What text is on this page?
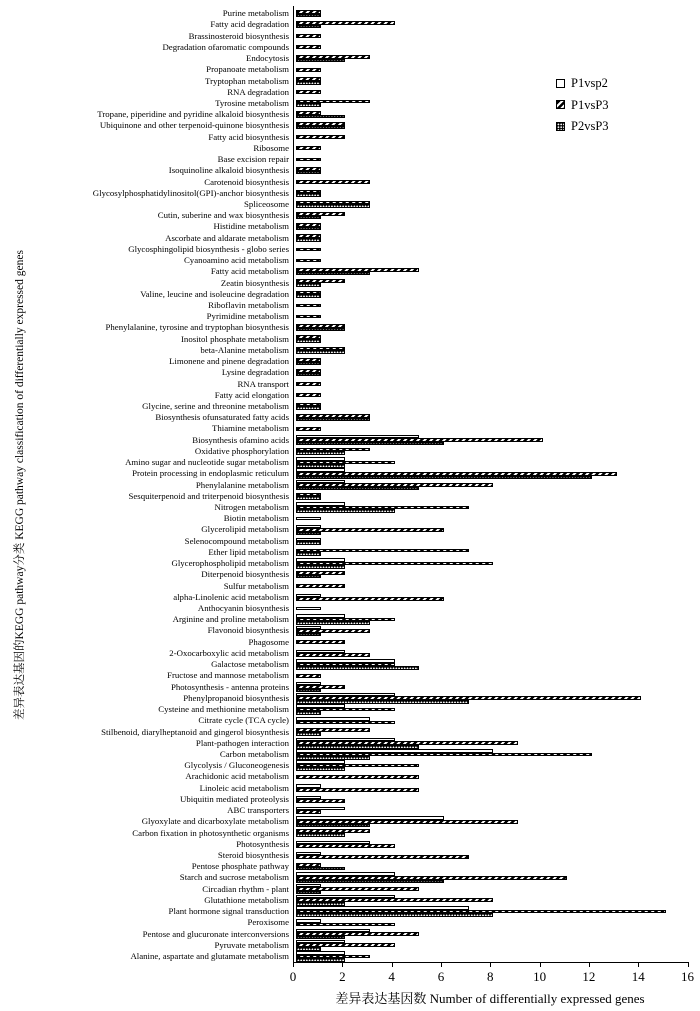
Purine metabolism
Fatty acid degradation
Brassinosteroid biosynthesis
Degradation ofaromatic compounds
Endocytosis
Propanoate metabolism
Tryptophan metabolism
RNA degradation
Tyrosine metabolism
Tropane, piperidine and pyridine alkaloid biosynthesis
Ubiquinone and other terpenoid-quinone biosynthesis
Fatty acid biosynthesis
Ribosome
Base excision repair
Isoquinoline alkaloid biosynthesis
Carotenoid biosynthesis
Glycosylphosphatidylinositol(GPI)-anchor biosynthesis
Spliceosome
Cutin, suberine and wax biosynthesis
Histidine metabolism
Ascorbate and aldarate metabolism
Glycosphingolipid biosynthesis - globo series
Cyanoamino acid metabolism
Fatty acid metabolism
Zeatin biosynthesis
Valine, leucine and isoleucine degradation
Riboflavin metabolism
Pyrimidine metabolism
Phenylalanine, tyrosine and tryptophan biosynthesis
Inositol phosphate metabolism
beta-Alanine metabolism
Limonene and pinene degradation
Lysine degradation
RNA transport
Fatty acid elongation
Glycine, serine and threonine metabolism
Biosynthesis ofunsaturated fatty acids
Thiamine metabolism
Biosynthesis ofamino acids
Oxidative phosphorylation
Amino sugar and nucleotide sugar metabolism
Protein processing in endoplasmic reticulum
Phenylalanine metabolism
Sesquiterpenoid and triterpenoid biosynthesis
Nitrogen metabolism
Biotin metabolism
Glycerolipid metabolism
Selenocompound metabolism
Ether lipid metabolism
Glycerophospholipid metabolism
Diterpenoid biosynthesis
Sulfur metabolism
alpha-Linolenic acid metabolism
Anthocyanin biosynthesis
Arginine and proline metabolism
Flavonoid biosynthesis
Phagosome
2-Oxocarboxylic acid metabolism
Galactose metabolism
Fructose and mannose metabolism
Photosynthesis - antenna proteins
Phenylpropanoid biosynthesis
Cysteine and methionine metabolism
Citrate cycle (TCA cycle)
Stilbenoid, diarylheptanoid and gingerol biosynthesis
Plant-pathogen interaction
Carbon metabolism
Glycolysis / Gluconeogenesis
Arachidonic acid metabolism
Linoleic acid metabolism
Ubiquitin mediated proteolysis
ABC transporters
Glyoxylate and dicarboxylate metabolism
Carbon fixation in photosynthetic organisms
Photosynthesis
Steroid biosynthesis
Pentose phosphate pathway
Starch and sucrose metabolism
Circadian rhythm - plant
Glutathione metabolism
Plant hormone signal transduction
Peroxisome
Pentose and glucuronate interconversions
Pyruvate metabolism
Alanine, aspartate and glutamate metabolism
0	2	4	6	8	10	12	14	16
差异表达基因数 Number of differentially expressed genes
差异表达基因的KEGG pathway分类 KEGG pathway classification of differentially expressed genes
P1vsp2
P1vsP3
P2vsP3
